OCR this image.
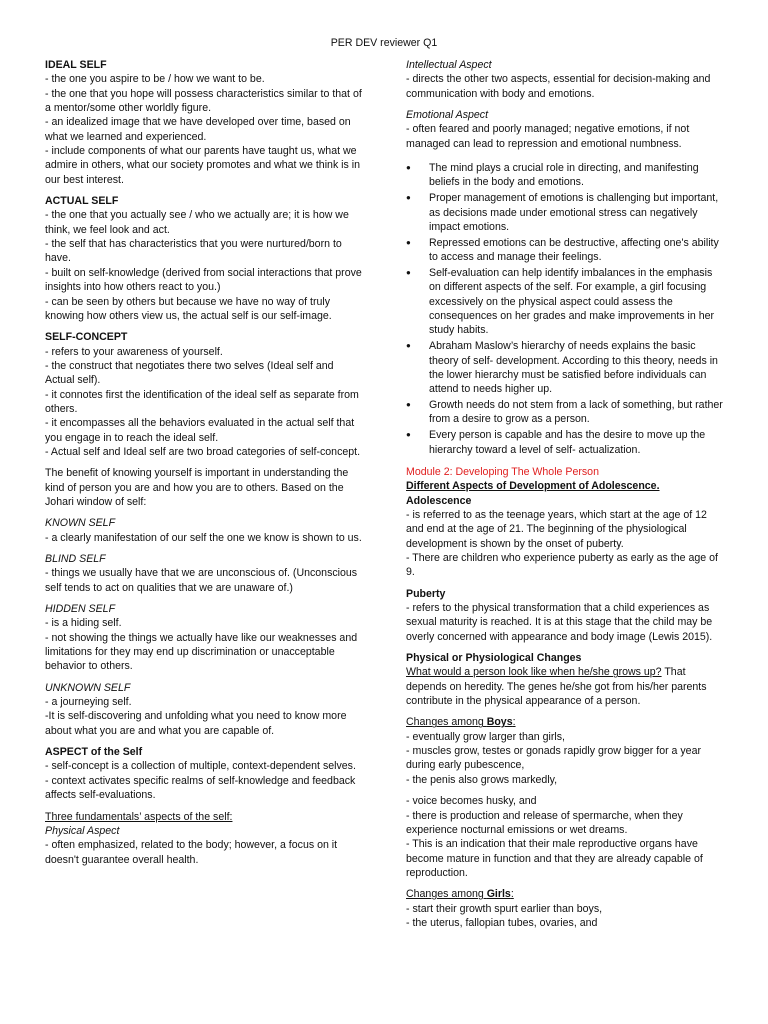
PER DEV reviewer Q1

IDEAL SELF

- the one you aspire to be / how we want to be.

- the one that you hope will possess characteristics similar to that of a mentor/some other worldly figure.

- an idealized image that we have developed over time, based on what we learned and experienced.

- include components of what our parents have taught us, what we admire in others, what our society promotes and what we think is in our best interest.

ACTUAL SELF

- the one that you actually see / who we actually are; it is how we think, we feel look and act.

- the self that has characteristics that you were nurtured/born to have.

- built on self-knowledge (derived from social interactions that prove insights into how others react to you.)

- can be seen by others but because we have no way of truly knowing how others view us, the actual self is our self-image.

SELF-CONCEPT

- refers to your awareness of yourself.

- the construct that negotiates there two selves (Ideal self and Actual self).

- it connotes first the identification of the ideal self as separate from others.

- it encompasses all the behaviors evaluated in the actual self that you engage in to reach the ideal self.

- Actual self and Ideal self are two broad categories of self-concept.

The benefit of knowing yourself is important in understanding the kind of person you are and how you are to others. Based on the Johari window of self:

KNOWN SELF

- a clearly manifestation of our self the one we know is shown to us.

BLIND SELF

- things we usually have that we are unconscious of. (Unconscious self tends to act on qualities that we are unaware of.)

HIDDEN SELF

- is a hiding self.

- not showing the things we actually have like our weaknesses and limitations for they may end up discrimination or unacceptable behavior to others.

UNKNOWN SELF

- a journeying self.

-It is self-discovering and unfolding what you need to know more about what you are and what you are capable of.

ASPECT of the Self

- self-concept is a collection of multiple, context-dependent selves.

- context activates specific realms of self-knowledge and feedback affects self-evaluations.

Three fundamentals’ aspects of the self:

Physical Aspect

- often emphasized, related to the body; however, a focus on it doesn't guarantee overall health.

Intellectual Aspect

- directs the other two aspects, essential for decision-making and communication with body and emotions.

Emotional Aspect

- often feared and poorly managed; negative emotions, if not managed can lead to repression and emotional numbness.

● The mind plays a crucial role in directing, and manifesting beliefs in the body and emotions.
● Proper management of emotions is challenging but important, as decisions made under emotional stress can negatively impact emotions.
● Repressed emotions can be destructive, affecting one's ability to access and manage their feelings.
● Self-evaluation can help identify imbalances in the emphasis on different aspects of the self. For example, a girl focusing excessively on the physical aspect could assess the consequences on her grades and make improvements in her study habits.
● Abraham Maslow’s hierarchy of needs explains the basic theory of self- development. According to this theory, needs in the lower hierarchy must be satisfied before individuals can attend to needs higher up.
● Growth needs do not stem from a lack of something, but rather from a desire to grow as a person.
● Every person is capable and has the desire to move up the hierarchy toward a level of self- actualization.

Module 2: Developing The Whole Person

Different Aspects of Development of Adolescence.

Adolescence

- is referred to as the teenage years, which start at the age of 12 and end at the age of 21. The beginning of the physiological development is shown by the onset of puberty.

- There are children who experience puberty as early as the age of 9.

Puberty

- refers to the physical transformation that a child experiences as sexual maturity is reached. It is at this stage that the child may be overly concerned with appearance and body image (Lewis 2015).

Physical or Physiological Changes

What would a person look like when he/she grows up? That depends on heredity. The genes he/she got from his/her parents contribute in the physical appearance of a person.

Changes among Boys:

- eventually grow larger than girls,

- muscles grow, testes or gonads rapidly grow bigger for a year during early pubescence,

- the penis also grows markedly,

- voice becomes husky, and

- there is production and release of spermarche, when they experience nocturnal emissions or wet dreams.

- This is an indication that their male reproductive organs have become mature in function and that they are already capable of reproduction.

Changes among Girls:

- start their growth spurt earlier than boys,

- the uterus, fallopian tubes, ovaries, and
